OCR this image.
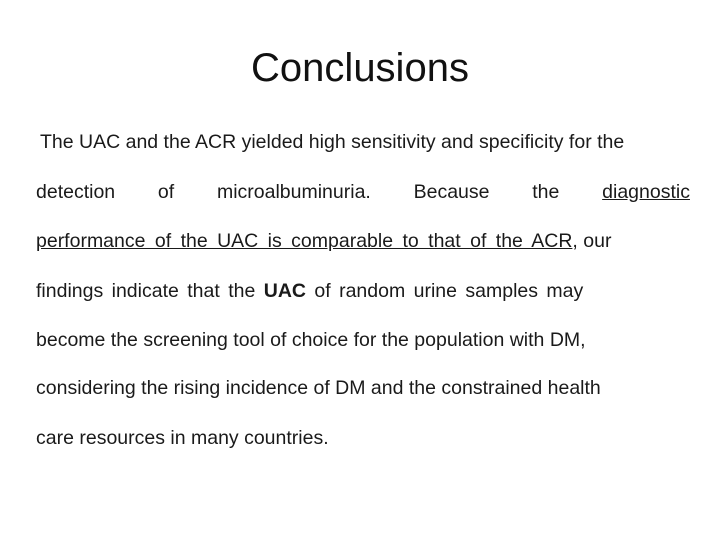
Conclusions
The UAC and the ACR yielded high sensitivity and specificity for the
detection of microalbuminuria. Because the diagnostic
performance of the UAC is comparable to that of the ACR, our
findings indicate that the UAC of random urine samples may
become the screening tool of choice for the population with DM,
considering the rising incidence of DM and the constrained health
care resources in many countries.
